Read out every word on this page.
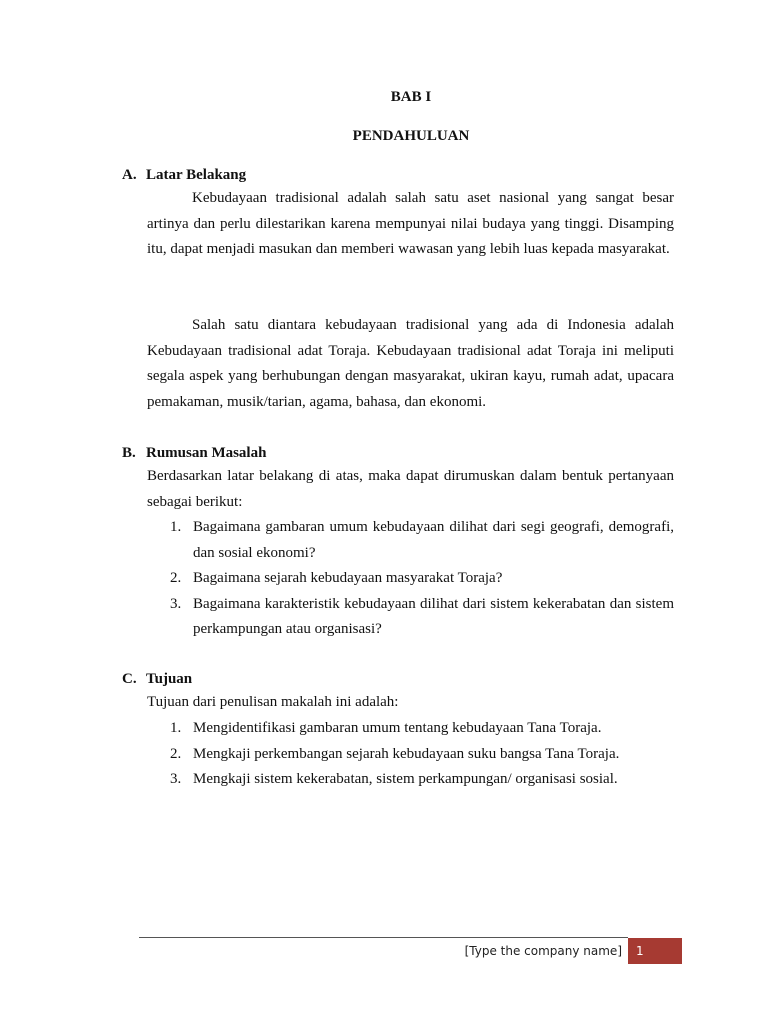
BAB I
PENDAHULUAN
A. Latar Belakang

Kebudayaan tradisional adalah salah satu aset nasional yang sangat besar artinya dan perlu dilestarikan karena mempunyai nilai budaya yang tinggi. Disamping itu, dapat menjadi masukan dan memberi wawasan yang lebih luas kepada masyarakat.

Salah satu diantara kebudayaan tradisional yang ada di Indonesia adalah Kebudayaan tradisional adat Toraja. Kebudayaan tradisional adat Toraja ini meliputi segala aspek yang berhubungan dengan masyarakat, ukiran kayu, rumah adat, upacara pemakaman, musik/tarian, agama, bahasa, dan ekonomi.

B. Rumusan Masalah

Berdasarkan latar belakang di atas, maka dapat dirumuskan dalam bentuk pertanyaan sebagai berikut:

1. Bagaimana gambaran umum kebudayaan dilihat dari segi geografi, demografi, dan sosial ekonomi?
2. Bagaimana sejarah kebudayaan masyarakat Toraja?
3. Bagaimana karakteristik kebudayaan dilihat dari sistem kekerabatan dan sistem perkampungan atau organisasi?
C. Tujuan

Tujuan dari penulisan makalah ini adalah:

1. Mengidentifikasi gambaran umum tentang kebudayaan Tana Toraja.
2. Mengkaji perkembangan sejarah kebudayaan suku bangsa Tana Toraja.
3. Mengkaji sistem kekerabatan, sistem perkampungan/ organisasi sosial.
[Type the company name]	1
